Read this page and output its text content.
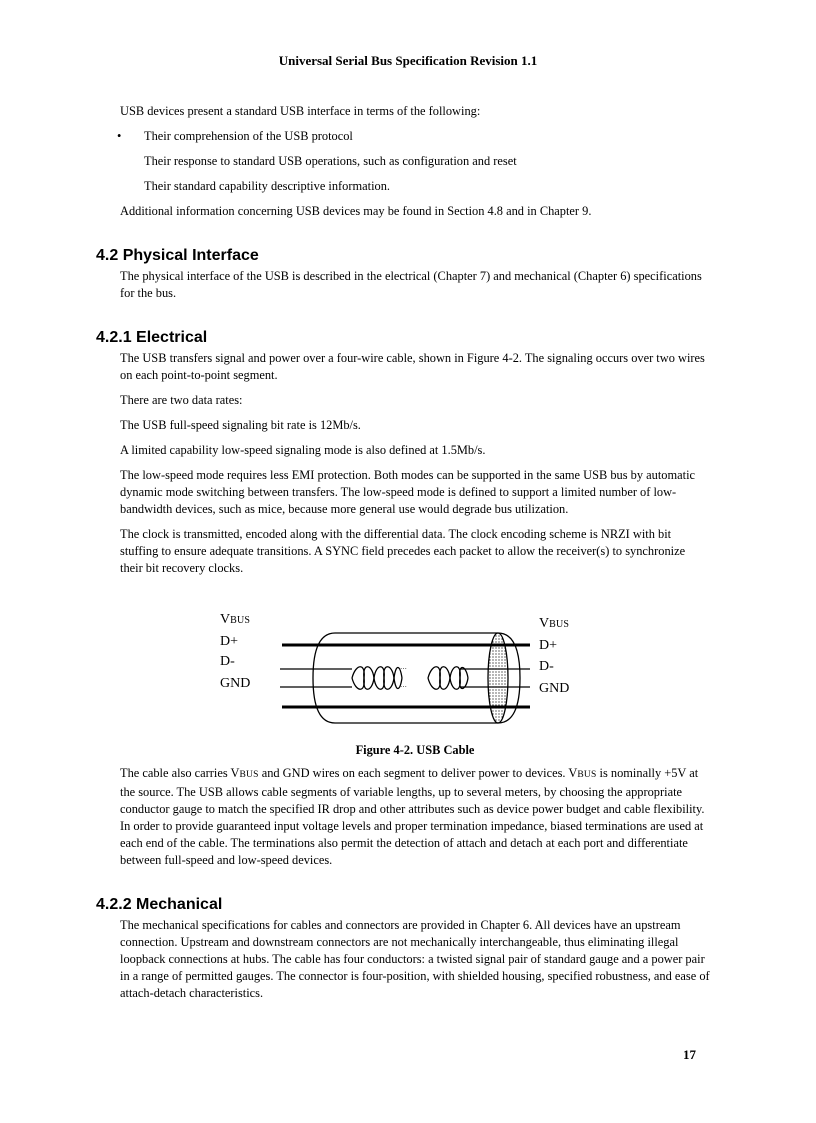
Universal Serial Bus Specification Revision 1.1

USB devices present a standard USB interface in terms of the following:

• Their comprehension of the USB protocol
Their response to standard USB operations, such as configuration and reset
Their standard capability descriptive information.

Additional information concerning USB devices may be found in Section 4.8 and in Chapter 9.

4.2 Physical Interface

The physical interface of the USB is described in the electrical (Chapter 7) and mechanical (Chapter 6) specifications for the bus.

4.2.1 Electrical

The USB transfers signal and power over a four-wire cable, shown in Figure 4-2. The signaling occurs over two wires on each point-to-point segment.

There are two data rates:

The USB full-speed signaling bit rate is 12Mb/s.

A limited capability low-speed signaling mode is also defined at 1.5Mb/s.

The low-speed mode requires less EMI protection. Both modes can be supported in the same USB bus by automatic dynamic mode switching between transfers. The low-speed mode is defined to support a limited number of low-bandwidth devices, such as mice, because more general use would degrade bus utilization.

The clock is transmitted, encoded along with the differential data. The clock encoding scheme is NRZI with bit stuffing to ensure adequate transitions. A SYNC field precedes each packet to allow the receiver(s) to synchronize their bit recovery clocks.

···
···
VBUS
D+
D-
GND
VBUS
D+
D-
GND
Figure 4-2. USB Cable

The cable also carries VBUS and GND wires on each segment to deliver power to devices. VBUS is nominally +5V at the source. The USB allows cable segments of variable lengths, up to several meters, by choosing the appropriate conductor gauge to match the specified IR drop and other attributes such as device power budget and cable flexibility. In order to provide guaranteed input voltage levels and proper termination impedance, biased terminations are used at each end of the cable. The terminations also permit the detection of attach and detach at each port and differentiate between full-speed and low-speed devices.

4.2.2 Mechanical

The mechanical specifications for cables and connectors are provided in Chapter 6. All devices have an upstream connection. Upstream and downstream connectors are not mechanically interchangeable, thus eliminating illegal loopback connections at hubs. The cable has four conductors: a twisted signal pair of standard gauge and a power pair in a range of permitted gauges. The connector is four-position, with shielded housing, specified robustness, and ease of attach-detach characteristics.

17
